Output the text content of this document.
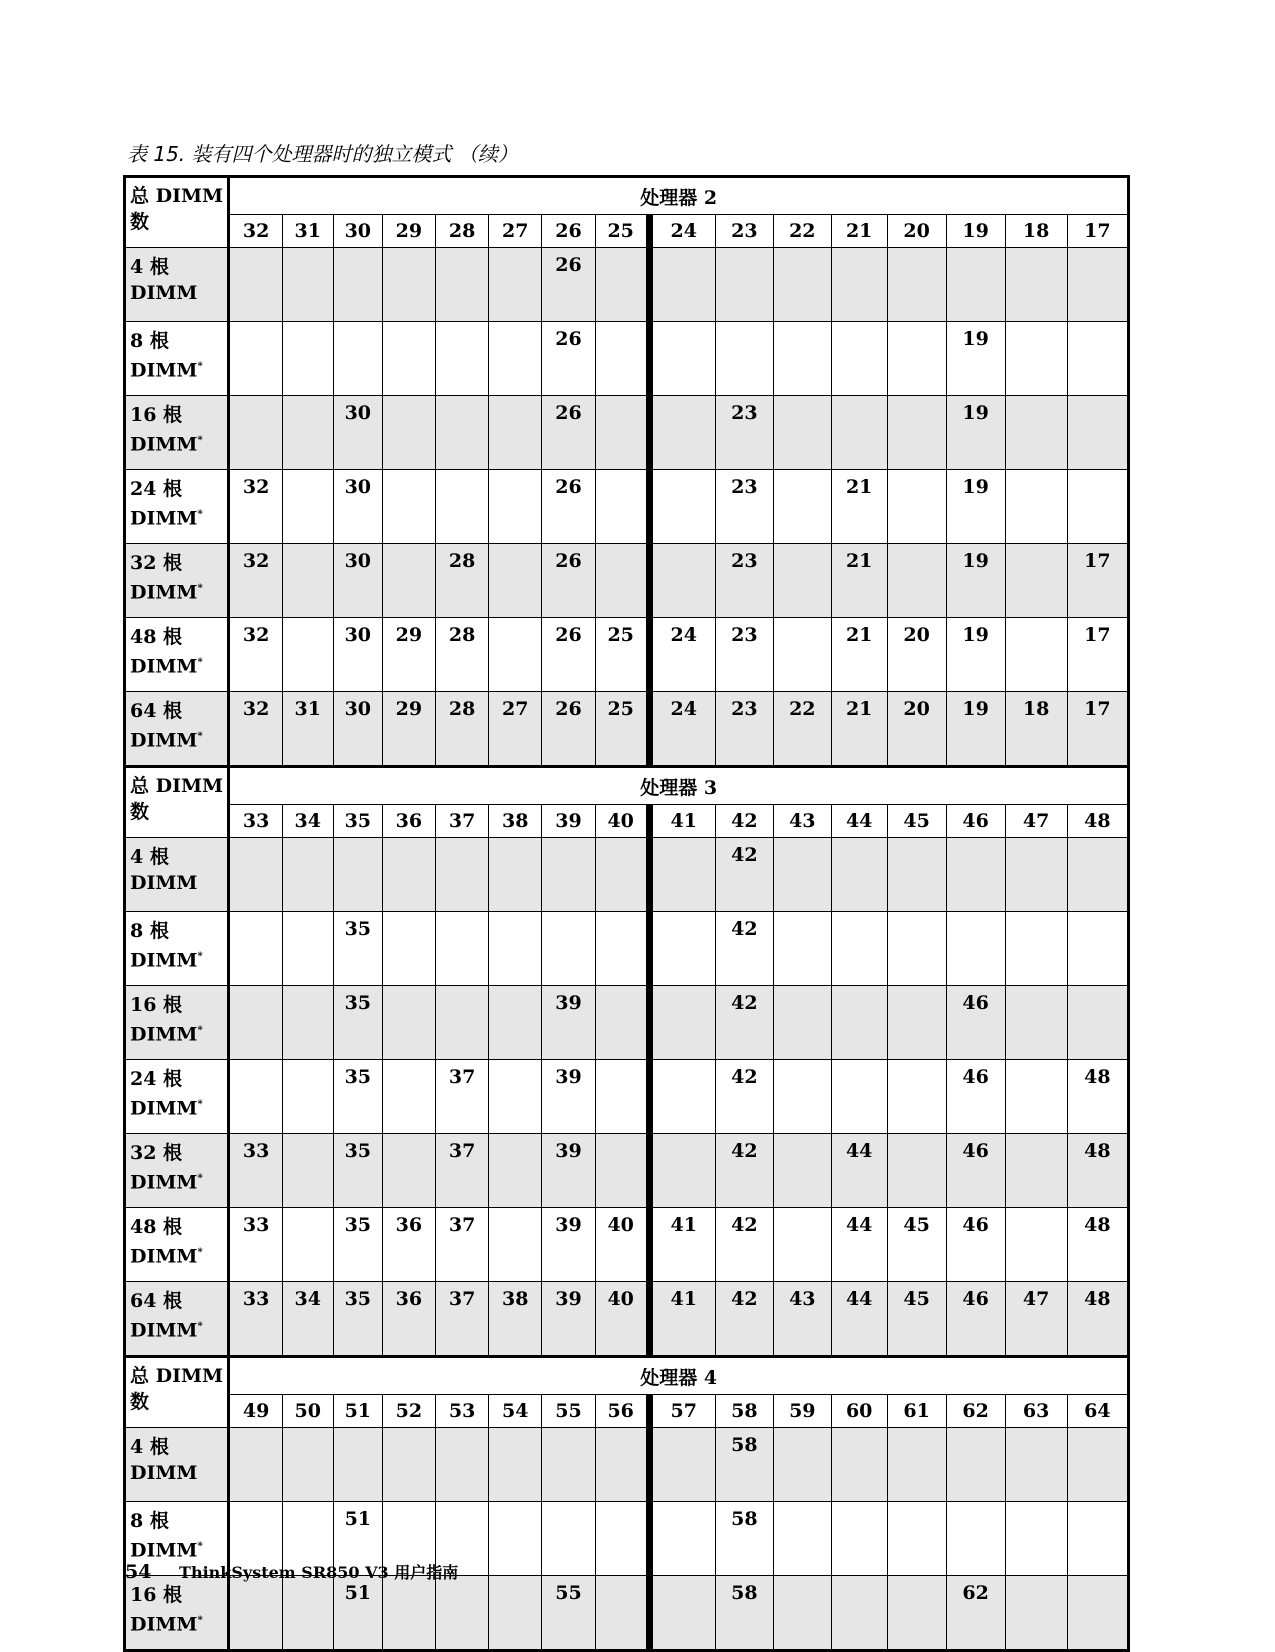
表 15. 装有四个处理器时的独立模式 （续）
总 DIMM 数	处理器 2															
	32	31	30	29	28	27	26	25	24	23	22	21	20	19	18	17

4 根 DIMM							26									

8 根 DIMM*							26							19		

16 根 DIMM*			30				26			23				19		

24 根 DIMM*	32		30				26			23		21		19		

32 根 DIMM*	32		30		28		26			23		21		19		17

48 根 DIMM*	32		30	29	28		26	25	24	23		21	20	19		17

64 根 DIMM*	32	31	30	29	28	27	26	25	24	23	22	21	20	19	18	17
总 DIMM 数	处理器 3															
	33	34	35	36	37	38	39	40	41	42	43	44	45	46	47	48

4 根 DIMM										42						

8 根 DIMM*			35							42						

16 根 DIMM*			35				39			42				46		

24 根 DIMM*			35		37		39			42				46		48

32 根 DIMM*	33		35		37		39			42		44		46		48

48 根 DIMM*	33		35	36	37		39	40	41	42		44	45	46		48

64 根 DIMM*	33	34	35	36	37	38	39	40	41	42	43	44	45	46	47	48
总 DIMM 数	处理器 4															
	49	50	51	52	53	54	55	56	57	58	59	60	61	62	63	64

4 根 DIMM										58						

8 根 DIMM*			51							58						

16 根 DIMM*			51				55			58				62		
54 ThinkSystem SR850 V3 用户指南
